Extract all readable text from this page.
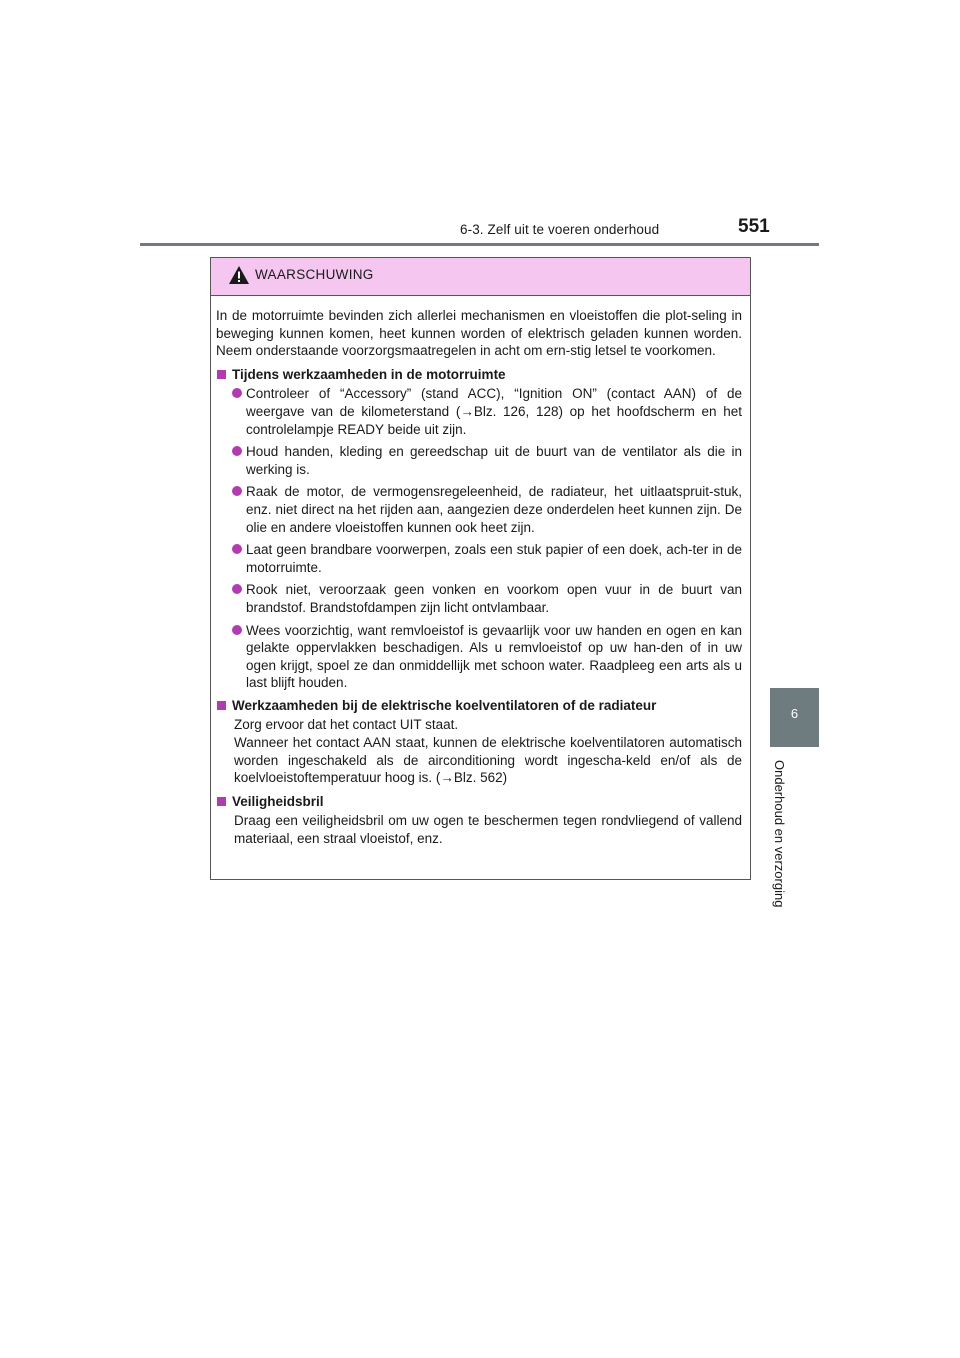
6-3. Zelf uit te voeren onderhoud	551
6
Onderhoud en verzorging
WAARSCHUWING
In de motorruimte bevinden zich allerlei mechanismen en vloeistoffen die plot-seling in beweging kunnen komen, heet kunnen worden of elektrisch geladen kunnen worden. Neem onderstaande voorzorgsmaatregelen in acht om ern-stig letsel te voorkomen.
Tijdens werkzaamheden in de motorruimte
Controleer of “Accessory” (stand ACC), “Ignition ON” (contact AAN) of de weergave van de kilometerstand (→Blz. 126, 128) op het hoofdscherm en het controlelampje READY beide uit zijn.
Houd handen, kleding en gereedschap uit de buurt van de ventilator als die in werking is.
Raak de motor, de vermogensregeleenheid, de radiateur, het uitlaatspruit-stuk, enz. niet direct na het rijden aan, aangezien deze onderdelen heet kunnen zijn. De olie en andere vloeistoffen kunnen ook heet zijn.
Laat geen brandbare voorwerpen, zoals een stuk papier of een doek, ach-ter in de motorruimte.
Rook niet, veroorzaak geen vonken en voorkom open vuur in de buurt van brandstof. Brandstofdampen zijn licht ontvlambaar.
Wees voorzichtig, want remvloeistof is gevaarlijk voor uw handen en ogen en kan gelakte oppervlakken beschadigen. Als u remvloeistof op uw han-den of in uw ogen krijgt, spoel ze dan onmiddellijk met schoon water. Raadpleeg een arts als u last blijft houden.
Werkzaamheden bij de elektrische koelventilatoren of de radiateur
Zorg ervoor dat het contact UIT staat.
Wanneer het contact AAN staat, kunnen de elektrische koelventilatoren automatisch worden ingeschakeld als de airconditioning wordt ingescha-keld en/of als de koelvloeistoftemperatuur hoog is. (→Blz. 562)
Veiligheidsbril
Draag een veiligheidsbril om uw ogen te beschermen tegen rondvliegend of vallend materiaal, een straal vloeistof, enz.
